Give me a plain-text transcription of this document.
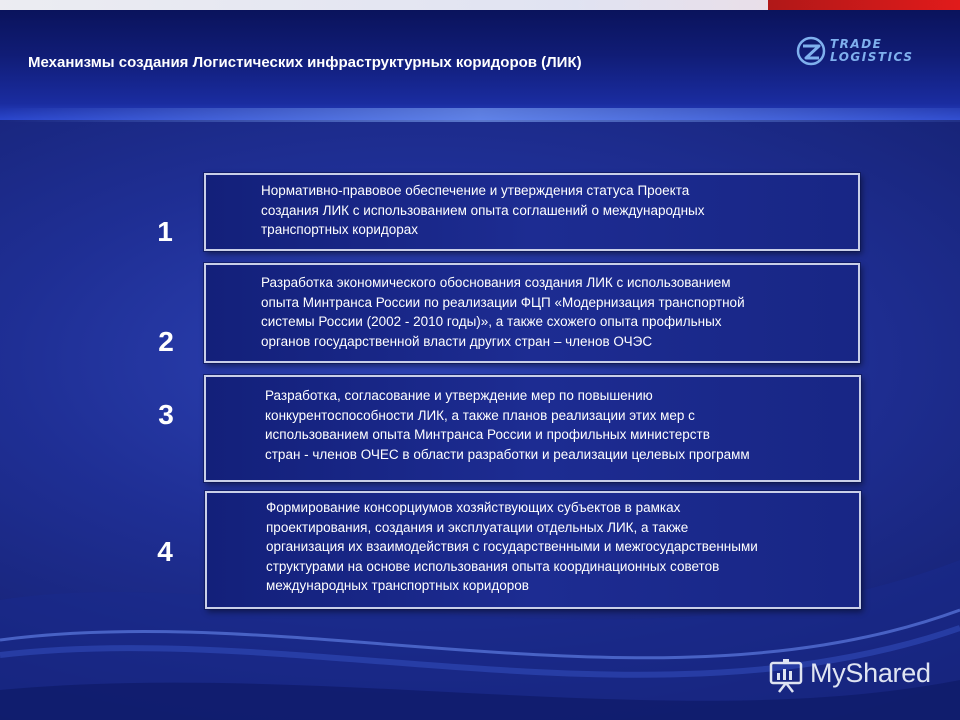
Механизмы создания Логистических инфраструктурных коридоров (ЛИК)
TRADE
LOGISTICS
1
Нормативно-правовое обеспечение и утверждения статуса Проекта
создания ЛИК с использованием опыта соглашений о международных
транспортных коридорах
2
Разработка экономического обоснования создания ЛИК с использованием
опыта Минтранса России по реализации ФЦП «Модернизация транспортной
системы России (2002 - 2010 годы)», а также схожего опыта профильных
органов государственной власти других стран – членов ОЧЭС
3
Разработка, согласование и утверждение мер по повышению
конкурентоспособности ЛИК, а также планов реализации этих мер с
использованием опыта Минтранса России и профильных министерств
стран - членов ОЧЕС в области разработки и реализации целевых программ
4
Формирование консорциумов хозяйствующих субъектов в рамках
проектирования, создания и эксплуатации отдельных ЛИК, а также
организация их взаимодействия с государственными и межгосударственными
структурами на основе использования опыта координационных советов
международных транспортных коридоров
MyShared
